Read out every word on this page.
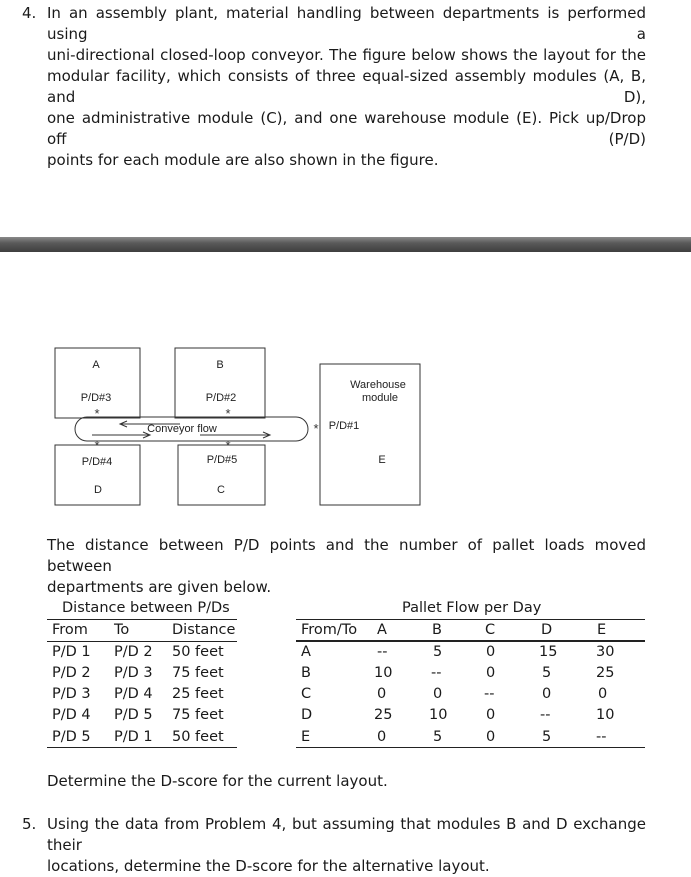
4. In an assembly plant, material handling between departments is performed using a
uni-directional closed-loop conveyor. The figure below shows the layout for the
modular facility, which consists of three equal-sized assembly modules (A, B, and D),
one administrative module (C), and one warehouse module (E). Pick up/Drop off (P/D)
points for each module are also shown in the figure.
*	*
*	*
*
A	B
D	C
Warehouse
module
E
P/D#3	P/D#2
P/D#4	P/D#5
Conveyor flow	P/D#1
The distance between P/D points and the number of pallet loads moved between
departments are given below.
Distance between P/Ds
From To	Distance
P/D 1 P/D 2 50 feet
P/D 2 P/D 3 75 feet
P/D 3 P/D 4 25 feet
P/D 4 P/D 5 75 feet
P/D 5 P/D 1 50 feet
Pallet Flow per Day
From/To A	B	C	D	E
A	--	5	0	15	30
B	10	--	0	5	25
C	0	0	--	0	0
D	25	10	0	--	10
E	0	5	0	5	--
Determine the D-score for the current layout.
5. Using the data from Problem 4, but assuming that modules B and D exchange their
locations, determine the D-score for the alternative layout.
